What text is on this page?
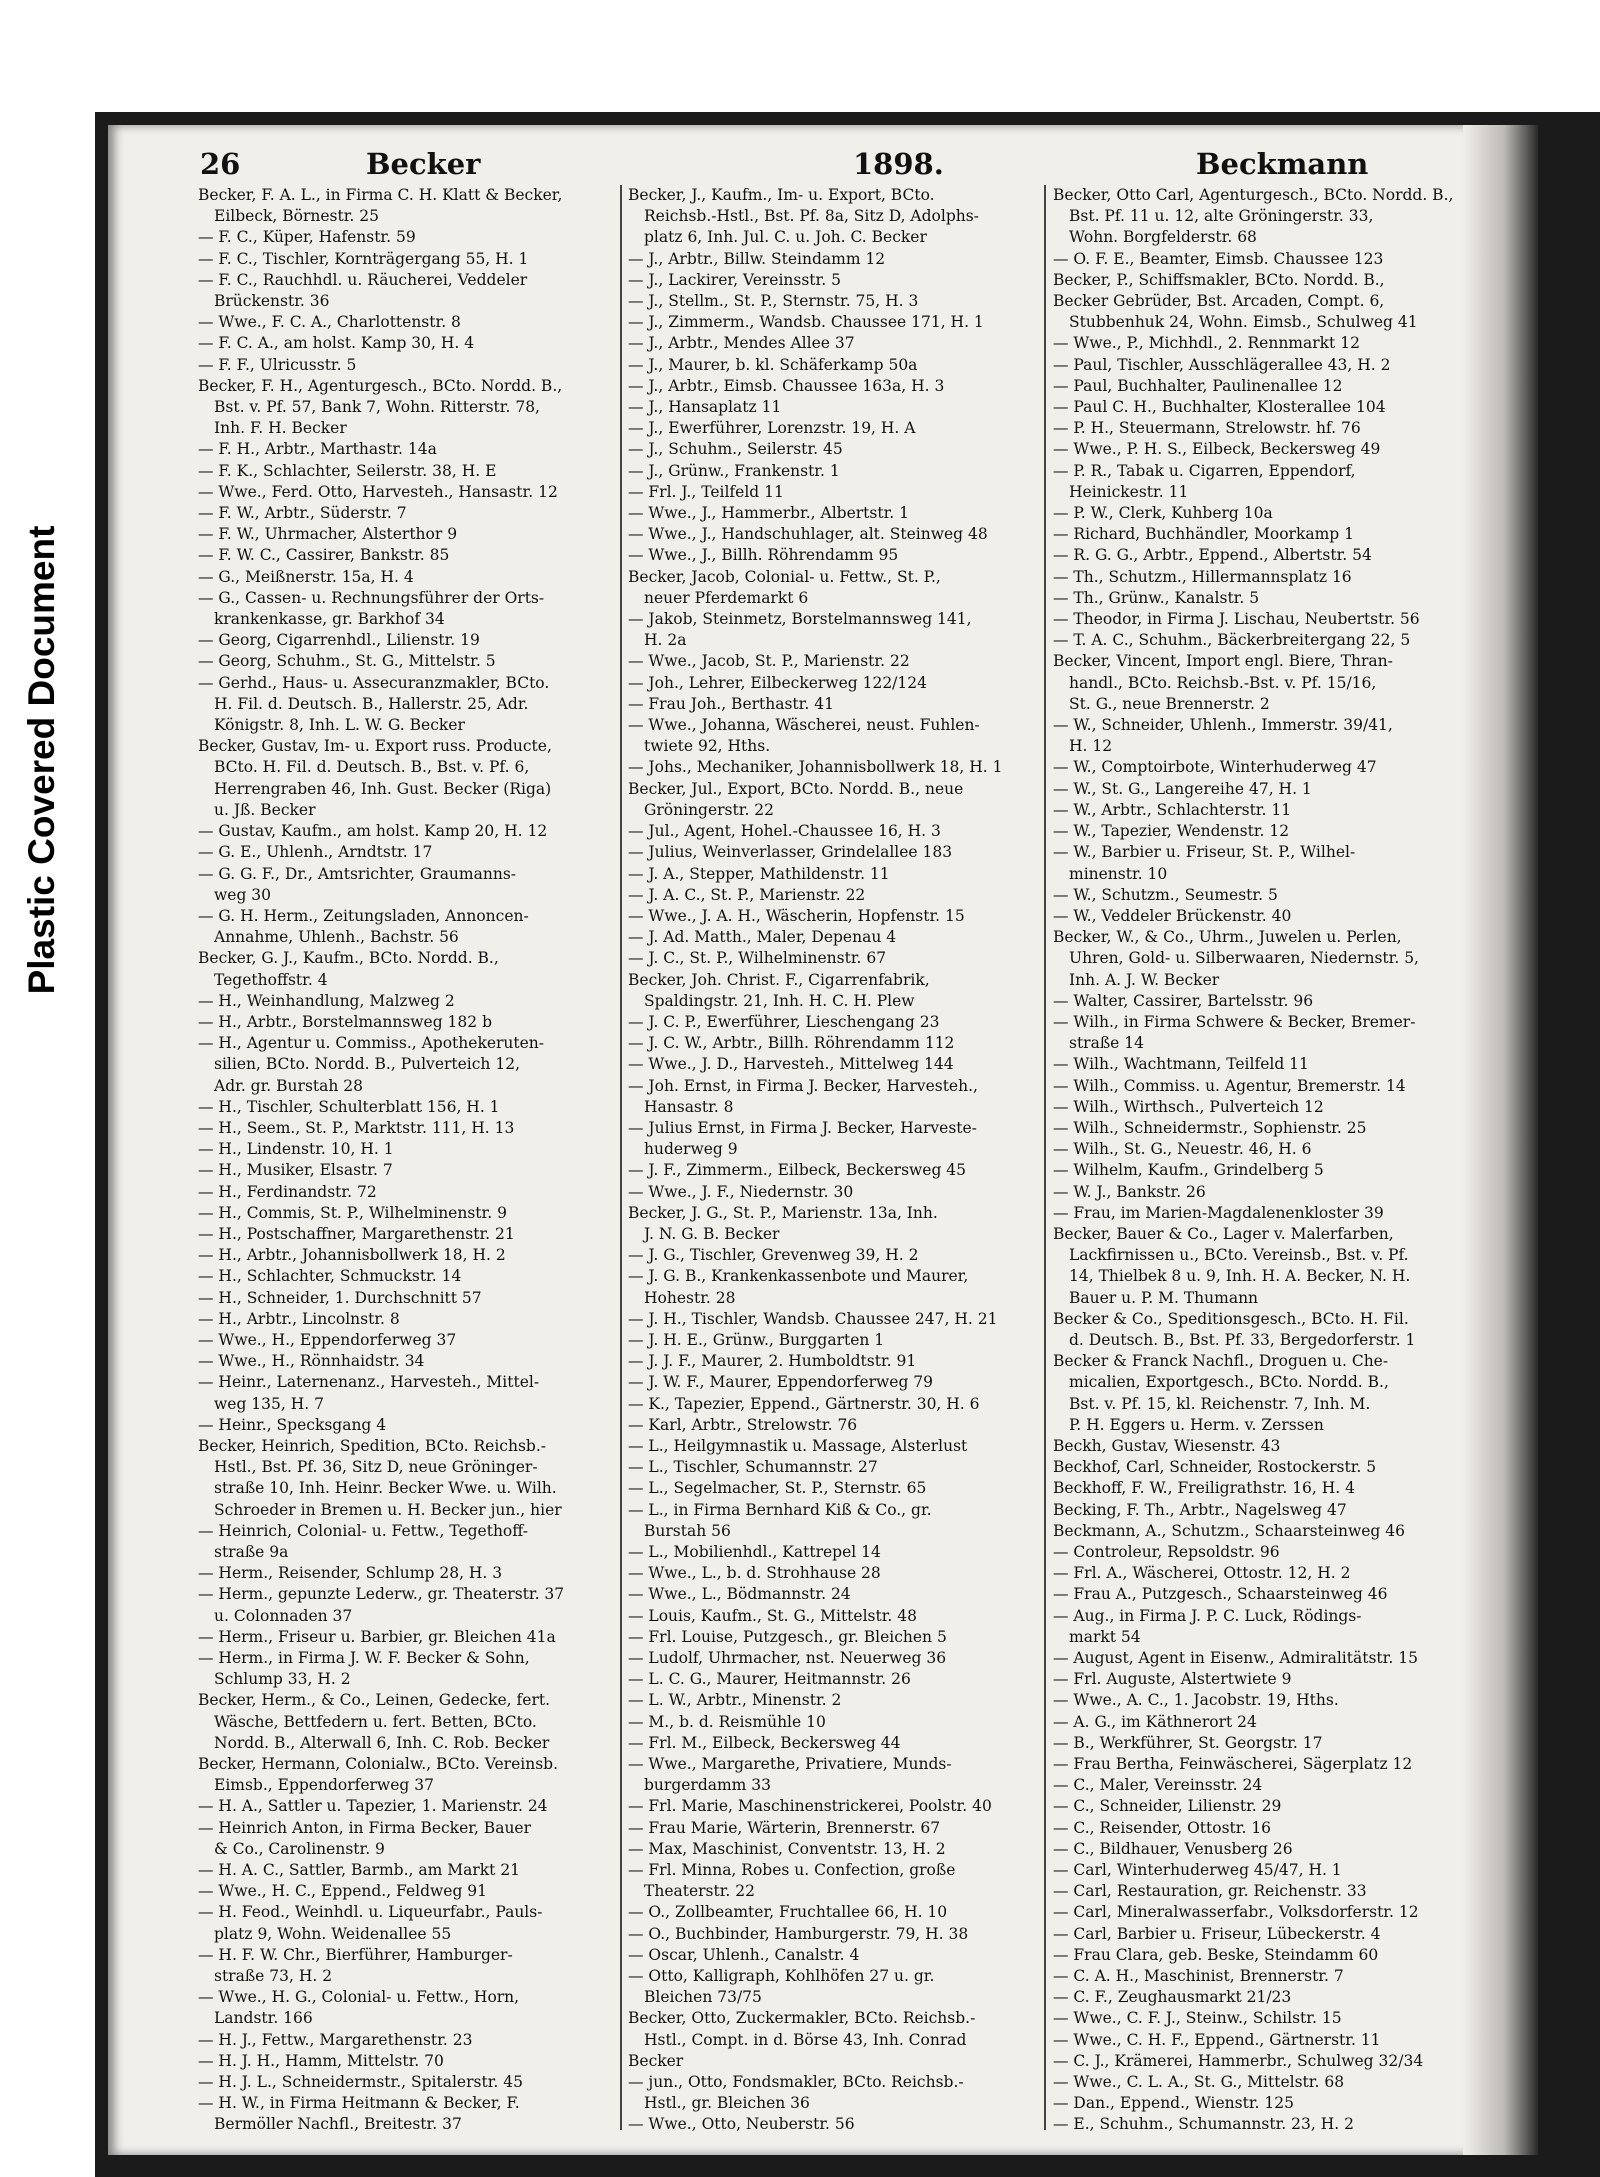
Plastic Covered Document
26	Becker	1898.	Beckmann
Becker, F. A. L., in Firma C. H. Klatt & Becker,
Eilbeck, Börnestr. 25
— F. C., Küper, Hafenstr. 59
— F. C., Tischler, Kornträgergang 55, H. 1
— F. C., Rauchhdl. u. Räucherei, Veddeler
Brückenstr. 36
— Wwe., F. C. A., Charlottenstr. 8
— F. C. A., am holst. Kamp 30, H. 4
— F. F., Ulricusstr. 5
Becker, F. H., Agenturgesch., BCto. Nordd. B.,
Bst. v. Pf. 57, Bank 7, Wohn. Ritterstr. 78,
Inh. F. H. Becker
— F. H., Arbtr., Marthastr. 14a
— F. K., Schlachter, Seilerstr. 38, H. E
— Wwe., Ferd. Otto, Harvesteh., Hansastr. 12
— F. W., Arbtr., Süderstr. 7
— F. W., Uhrmacher, Alsterthor 9
— F. W. C., Cassirer, Bankstr. 85
— G., Meißnerstr. 15a, H. 4
— G., Cassen- u. Rechnungsführer der Orts-
krankenkasse, gr. Barkhof 34
— Georg, Cigarrenhdl., Lilienstr. 19
— Georg, Schuhm., St. G., Mittelstr. 5
— Gerhd., Haus- u. Assecuranzmakler, BCto.
H. Fil. d. Deutsch. B., Hallerstr. 25, Adr.
Königstr. 8, Inh. L. W. G. Becker
Becker, Gustav, Im- u. Export russ. Producte,
BCto. H. Fil. d. Deutsch. B., Bst. v. Pf. 6,
Herrengraben 46, Inh. Gust. Becker (Riga)
u. Jß. Becker
— Gustav, Kaufm., am holst. Kamp 20, H. 12
— G. E., Uhlenh., Arndtstr. 17
— G. G. F., Dr., Amtsrichter, Graumanns-
weg 30
— G. H. Herm., Zeitungsladen, Annoncen-
Annahme, Uhlenh., Bachstr. 56
Becker, G. J., Kaufm., BCto. Nordd. B.,
Tegethoffstr. 4
— H., Weinhandlung, Malzweg 2
— H., Arbtr., Borstelmannsweg 182 b
— H., Agentur u. Commiss., Apothekeruten-
silien, BCto. Nordd. B., Pulverteich 12,
Adr. gr. Burstah 28
— H., Tischler, Schulterblatt 156, H. 1
— H., Seem., St. P., Marktstr. 111, H. 13
— H., Lindenstr. 10, H. 1
— H., Musiker, Elsastr. 7
— H., Ferdinandstr. 72
— H., Commis, St. P., Wilhelminenstr. 9
— H., Postschaffner, Margarethenstr. 21
— H., Arbtr., Johannisbollwerk 18, H. 2
— H., Schlachter, Schmuckstr. 14
— H., Schneider, 1. Durchschnitt 57
— H., Arbtr., Lincolnstr. 8
— Wwe., H., Eppendorferweg 37
— Wwe., H., Rönnhaidstr. 34
— Heinr., Laternenanz., Harvesteh., Mittel-
weg 135, H. 7
— Heinr., Specksgang 4
Becker, Heinrich, Spedition, BCto. Reichsb.-
Hstl., Bst. Pf. 36, Sitz D, neue Gröninger-
straße 10, Inh. Heinr. Becker Wwe. u. Wilh.
Schroeder in Bremen u. H. Becker jun., hier
— Heinrich, Colonial- u. Fettw., Tegethoff-
straße 9a
— Herm., Reisender, Schlump 28, H. 3
— Herm., gepunzte Lederw., gr. Theaterstr. 37
u. Colonnaden 37
— Herm., Friseur u. Barbier, gr. Bleichen 41a
— Herm., in Firma J. W. F. Becker & Sohn,
Schlump 33, H. 2
Becker, Herm., & Co., Leinen, Gedecke, fert.
Wäsche, Bettfedern u. fert. Betten, BCto.
Nordd. B., Alterwall 6, Inh. C. Rob. Becker
Becker, Hermann, Colonialw., BCto. Vereinsb.
Eimsb., Eppendorferweg 37
— H. A., Sattler u. Tapezier, 1. Marienstr. 24
— Heinrich Anton, in Firma Becker, Bauer
& Co., Carolinenstr. 9
— H. A. C., Sattler, Barmb., am Markt 21
— Wwe., H. C., Eppend., Feldweg 91
— H. Feod., Weinhdl. u. Liqueurfabr., Pauls-
platz 9, Wohn. Weidenallee 55
— H. F. W. Chr., Bierführer, Hamburger-
straße 73, H. 2
— Wwe., H. G., Colonial- u. Fettw., Horn,
Landstr. 166
— H. J., Fettw., Margarethenstr. 23
— H. J. H., Hamm, Mittelstr. 70
— H. J. L., Schneidermstr., Spitalerstr. 45
— H. W., in Firma Heitmann & Becker, F.
Bermöller Nachfl., Breitestr. 37
Becker, J., Kaufm., Im- u. Export, BCto.
Reichsb.-Hstl., Bst. Pf. 8a, Sitz D, Adolphs-
platz 6, Inh. Jul. C. u. Joh. C. Becker
— J., Arbtr., Billw. Steindamm 12
— J., Lackirer, Vereinsstr. 5
— J., Stellm., St. P., Sternstr. 75, H. 3
— J., Zimmerm., Wandsb. Chaussee 171, H. 1
— J., Arbtr., Mendes Allee 37
— J., Maurer, b. kl. Schäferkamp 50a
— J., Arbtr., Eimsb. Chaussee 163a, H. 3
— J., Hansaplatz 11
— J., Ewerführer, Lorenzstr. 19, H. A
— J., Schuhm., Seilerstr. 45
— J., Grünw., Frankenstr. 1
— Frl. J., Teilfeld 11
— Wwe., J., Hammerbr., Albertstr. 1
— Wwe., J., Handschuhlager, alt. Steinweg 48
— Wwe., J., Billh. Röhrendamm 95
Becker, Jacob, Colonial- u. Fettw., St. P.,
neuer Pferdemarkt 6
— Jakob, Steinmetz, Borstelmannsweg 141,
H. 2a
— Wwe., Jacob, St. P., Marienstr. 22
— Joh., Lehrer, Eilbeckerweg 122/124
— Frau Joh., Berthastr. 41
— Wwe., Johanna, Wäscherei, neust. Fuhlen-
twiete 92, Hths.
— Johs., Mechaniker, Johannisbollwerk 18, H. 1
Becker, Jul., Export, BCto. Nordd. B., neue
Gröningerstr. 22
— Jul., Agent, Hohel.-Chaussee 16, H. 3
— Julius, Weinverlasser, Grindelallee 183
— J. A., Stepper, Mathildenstr. 11
— J. A. C., St. P., Marienstr. 22
— Wwe., J. A. H., Wäscherin, Hopfenstr. 15
— J. Ad. Matth., Maler, Depenau 4
— J. C., St. P., Wilhelminenstr. 67
Becker, Joh. Christ. F., Cigarrenfabrik,
Spaldingstr. 21, Inh. H. C. H. Plew
— J. C. P., Ewerführer, Lieschengang 23
— J. C. W., Arbtr., Billh. Röhrendamm 112
— Wwe., J. D., Harvesteh., Mittelweg 144
— Joh. Ernst, in Firma J. Becker, Harvesteh.,
Hansastr. 8
— Julius Ernst, in Firma J. Becker, Harveste-
huderweg 9
— J. F., Zimmerm., Eilbeck, Beckersweg 45
— Wwe., J. F., Niedernstr. 30
Becker, J. G., St. P., Marienstr. 13a, Inh.
J. N. G. B. Becker
— J. G., Tischler, Grevenweg 39, H. 2
— J. G. B., Krankenkassenbote und Maurer,
Hohestr. 28
— J. H., Tischler, Wandsb. Chaussee 247, H. 21
— J. H. E., Grünw., Burggarten 1
— J. J. F., Maurer, 2. Humboldtstr. 91
— J. W. F., Maurer, Eppendorferweg 79
— K., Tapezier, Eppend., Gärtnerstr. 30, H. 6
— Karl, Arbtr., Strelowstr. 76
— L., Heilgymnastik u. Massage, Alsterlust
— L., Tischler, Schumannstr. 27
— L., Segelmacher, St. P., Sternstr. 65
— L., in Firma Bernhard Kiß & Co., gr.
Burstah 56
— L., Mobilienhdl., Kattrepel 14
— Wwe., L., b. d. Strohhause 28
— Wwe., L., Bödmannstr. 24
— Louis, Kaufm., St. G., Mittelstr. 48
— Frl. Louise, Putzgesch., gr. Bleichen 5
— Ludolf, Uhrmacher, nst. Neuerweg 36
— L. C. G., Maurer, Heitmannstr. 26
— L. W., Arbtr., Minenstr. 2
— M., b. d. Reismühle 10
— Frl. M., Eilbeck, Beckersweg 44
— Wwe., Margarethe, Privatiere, Munds-
burgerdamm 33
— Frl. Marie, Maschinenstrickerei, Poolstr. 40
— Frau Marie, Wärterin, Brennerstr. 67
— Max, Maschinist, Conventstr. 13, H. 2
— Frl. Minna, Robes u. Confection, große
Theaterstr. 22
— O., Zollbeamter, Fruchtallee 66, H. 10
— O., Buchbinder, Hamburgerstr. 79, H. 38
— Oscar, Uhlenh., Canalstr. 4
— Otto, Kalligraph, Kohlhöfen 27 u. gr.
Bleichen 73/75
Becker, Otto, Zuckermakler, BCto. Reichsb.-
Hstl., Compt. in d. Börse 43, Inh. Conrad
Becker
— jun., Otto, Fondsmakler, BCto. Reichsb.-
Hstl., gr. Bleichen 36
— Wwe., Otto, Neuberstr. 56
Becker, Otto Carl, Agenturgesch., BCto. Nordd. B.,
Bst. Pf. 11 u. 12, alte Gröningerstr. 33,
Wohn. Borgfelderstr. 68
— O. F. E., Beamter, Eimsb. Chaussee 123
Becker, P., Schiffsmakler, BCto. Nordd. B.,
Becker Gebrüder, Bst. Arcaden, Compt. 6,
Stubbenhuk 24, Wohn. Eimsb., Schulweg 41
— Wwe., P., Michhdl., 2. Rennmarkt 12
— Paul, Tischler, Ausschlägerallee 43, H. 2
— Paul, Buchhalter, Paulinenallee 12
— Paul C. H., Buchhalter, Klosterallee 104
— P. H., Steuermann, Strelowstr. hf. 76
— Wwe., P. H. S., Eilbeck, Beckersweg 49
— P. R., Tabak u. Cigarren, Eppendorf,
Heinickestr. 11
— P. W., Clerk, Kuhberg 10a
— Richard, Buchhändler, Moorkamp 1
— R. G. G., Arbtr., Eppend., Albertstr. 54
— Th., Schutzm., Hillermannsplatz 16
— Th., Grünw., Kanalstr. 5
— Theodor, in Firma J. Lischau, Neubertstr. 56
— T. A. C., Schuhm., Bäckerbreitergang 22, 5
Becker, Vincent, Import engl. Biere, Thran-
handl., BCto. Reichsb.-Bst. v. Pf. 15/16,
St. G., neue Brennerstr. 2
— W., Schneider, Uhlenh., Immerstr. 39/41,
H. 12
— W., Comptoirbote, Winterhuderweg 47
— W., St. G., Langereihe 47, H. 1
— W., Arbtr., Schlachterstr. 11
— W., Tapezier, Wendenstr. 12
— W., Barbier u. Friseur, St. P., Wilhel-
minenstr. 10
— W., Schutzm., Seumestr. 5
— W., Veddeler Brückenstr. 40
Becker, W., & Co., Uhrm., Juwelen u. Perlen,
Uhren, Gold- u. Silberwaaren, Niedernstr. 5,
Inh. A. J. W. Becker
— Walter, Cassirer, Bartelsstr. 96
— Wilh., in Firma Schwere & Becker, Bremer-
straße 14
— Wilh., Wachtmann, Teilfeld 11
— Wilh., Commiss. u. Agentur, Bremerstr. 14
— Wilh., Wirthsch., Pulverteich 12
— Wilh., Schneidermstr., Sophienstr. 25
— Wilh., St. G., Neuestr. 46, H. 6
— Wilhelm, Kaufm., Grindelberg 5
— W. J., Bankstr. 26
— Frau, im Marien-Magdalenenkloster 39
Becker, Bauer & Co., Lager v. Malerfarben,
Lackfirnissen u., BCto. Vereinsb., Bst. v. Pf.
14, Thielbek 8 u. 9, Inh. H. A. Becker, N. H.
Bauer u. P. M. Thumann
Becker & Co., Speditionsgesch., BCto. H. Fil.
d. Deutsch. B., Bst. Pf. 33, Bergedorferstr. 1
Becker & Franck Nachfl., Droguen u. Che-
micalien, Exportgesch., BCto. Nordd. B.,
Bst. v. Pf. 15, kl. Reichenstr. 7, Inh. M.
P. H. Eggers u. Herm. v. Zerssen
Beckh, Gustav, Wiesenstr. 43
Beckhof, Carl, Schneider, Rostockerstr. 5
Beckhoff, F. W., Freiligrathstr. 16, H. 4
Becking, F. Th., Arbtr., Nagelsweg 47
Beckmann, A., Schutzm., Schaarsteinweg 46
— Controleur, Repsoldstr. 96
— Frl. A., Wäscherei, Ottostr. 12, H. 2
— Frau A., Putzgesch., Schaarsteinweg 46
— Aug., in Firma J. P. C. Luck, Rödings-
markt 54
— August, Agent in Eisenw., Admiralitätstr. 15
— Frl. Auguste, Alstertwiete 9
— Wwe., A. C., 1. Jacobstr. 19, Hths.
— A. G., im Käthnerort 24
— B., Werkführer, St. Georgstr. 17
— Frau Bertha, Feinwäscherei, Sägerplatz 12
— C., Maler, Vereinsstr. 24
— C., Schneider, Lilienstr. 29
— C., Reisender, Ottostr. 16
— C., Bildhauer, Venusberg 26
— Carl, Winterhuderweg 45/47, H. 1
— Carl, Restauration, gr. Reichenstr. 33
— Carl, Mineralwasserfabr., Volksdorferstr. 12
— Carl, Barbier u. Friseur, Lübeckerstr. 4
— Frau Clara, geb. Beske, Steindamm 60
— C. A. H., Maschinist, Brennerstr. 7
— C. F., Zeughausmarkt 21/23
— Wwe., C. F. J., Steinw., Schilstr. 15
— Wwe., C. H. F., Eppend., Gärtnerstr. 11
— C. J., Krämerei, Hammerbr., Schulweg 32/34
— Wwe., C. L. A., St. G., Mittelstr. 68
— Dan., Eppend., Wienstr. 125
— E., Schuhm., Schumannstr. 23, H. 2
